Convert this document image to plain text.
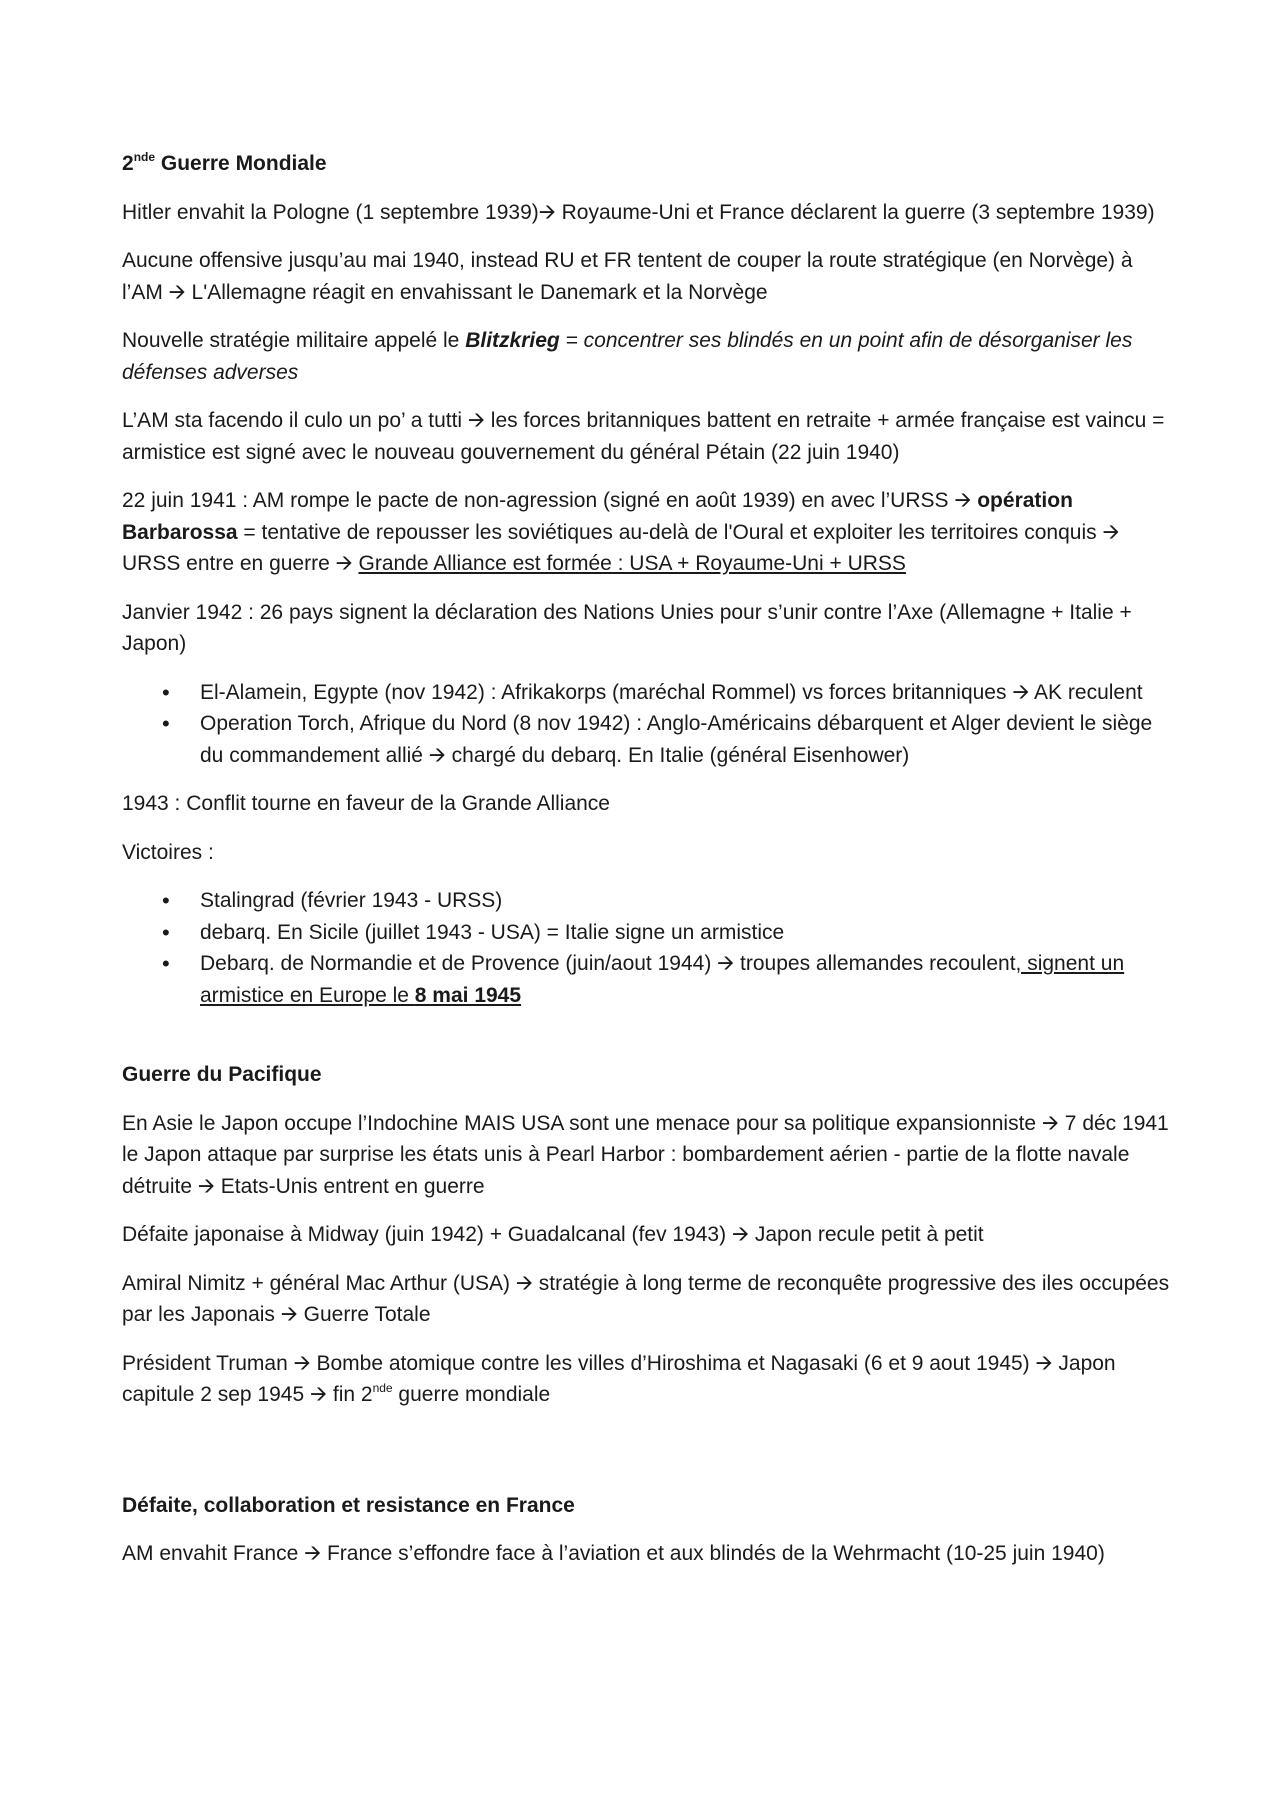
2nde Guerre Mondiale

Hitler envahit la Pologne (1 septembre 1939)🡪 Royaume-Uni et France déclarent la guerre (3 septembre 1939)

Aucune offensive jusqu’au mai 1940, instead RU et FR tentent de couper la route stratégique (en Norvège) à l’AM 🡪 L'Allemagne réagit en envahissant le Danemark et la Norvège

Nouvelle stratégie militaire appelé le Blitzkrieg = concentrer ses blindés en un point afin de désorganiser les défenses adverses

L’AM sta facendo il culo un po’ a tutti 🡪 les forces britanniques battent en retraite + armée française est vaincu = armistice est signé avec le nouveau gouvernement du général Pétain (22 juin 1940)

22 juin 1941 : AM rompe le pacte de non-agression (signé en août 1939) en avec l’URSS 🡪 opération Barbarossa = tentative de repousser les soviétiques au-delà de l'Oural et exploiter les territoires conquis 🡪 URSS entre en guerre 🡪 Grande Alliance est formée : USA + Royaume-Uni + URSS

Janvier 1942 : 26 pays signent la déclaration des Nations Unies pour s’unir contre l’Axe (Allemagne + Italie + Japon)

• El-Alamein, Egypte (nov 1942) : Afrikakorps (maréchal Rommel) vs forces britanniques 🡪 AK reculent
• Operation Torch, Afrique du Nord (8 nov 1942) : Anglo-Américains débarquent et Alger devient le siège du commandement allié 🡪 chargé du debarq. En Italie (général Eisenhower)

1943 : Conflit tourne en faveur de la Grande Alliance

Victoires :

• Stalingrad (février 1943 - URSS)
• debarq. En Sicile (juillet 1943 - USA) = Italie signe un armistice
• Debarq. de Normandie et de Provence (juin/aout 1944) 🡪 troupes allemandes recoulent, signent un armistice en Europe le 8 mai 1945
Guerre du Pacifique

En Asie le Japon occupe l’Indochine MAIS USA sont une menace pour sa politique expansionniste 🡪 7 déc 1941 le Japon attaque par surprise les états unis à Pearl Harbor : bombardement aérien - partie de la flotte navale détruite 🡪 Etats-Unis entrent en guerre

Défaite japonaise à Midway (juin 1942) + Guadalcanal (fev 1943) 🡪 Japon recule petit à petit

Amiral Nimitz + général Mac Arthur (USA) 🡪 stratégie à long terme de reconquête progressive des iles occupées par les Japonais 🡪 Guerre Totale

Président Truman 🡪 Bombe atomique contre les villes d’Hiroshima et Nagasaki (6 et 9 aout 1945) 🡪 Japon capitule 2 sep 1945 🡪 fin 2nde guerre mondiale

Défaite, collaboration et resistance en France

AM envahit France 🡪 France s’effondre face à l’aviation et aux blindés de la Wehrmacht (10-25 juin 1940)
